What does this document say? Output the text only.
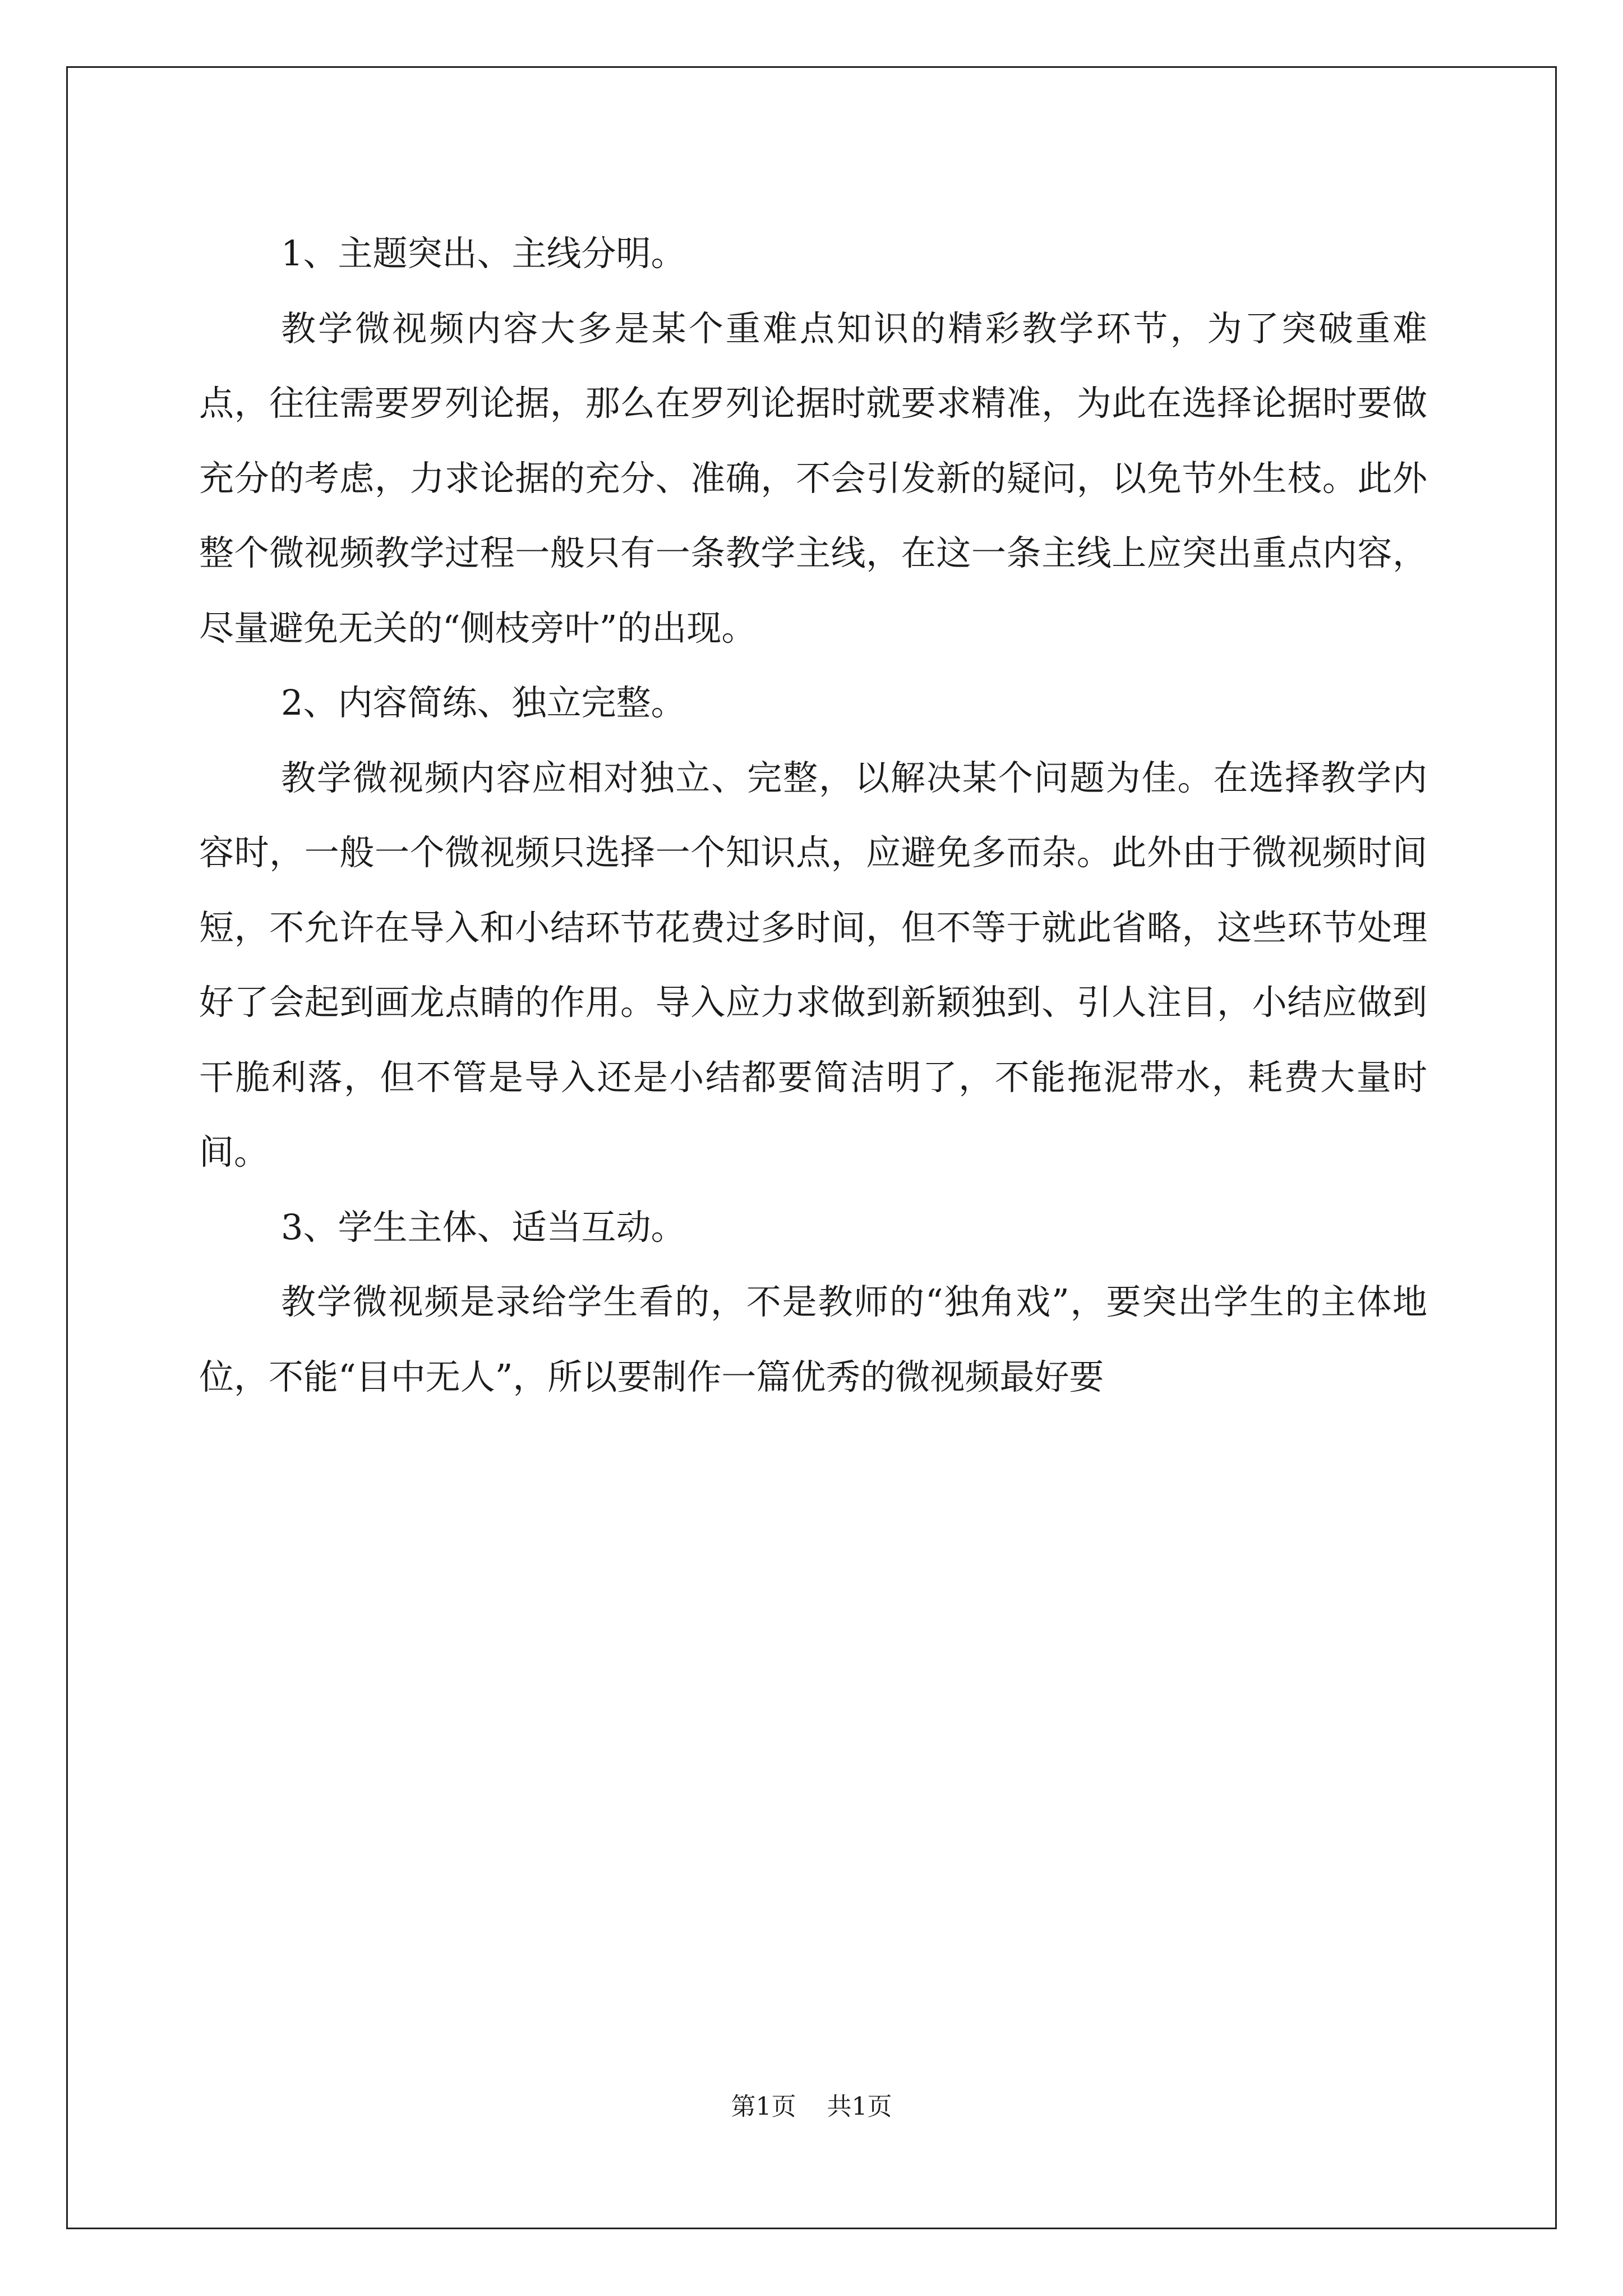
1、主题突出、主线分明。

教学微视频内容大多是某个重难点知识的精彩教学环节，为了突破重难点，往往需要罗列论据，那么在罗列论据时就要求精准，为此在选择论据时要做充分的考虑，力求论据的充分、准确，不会引发新的疑问，以免节外生枝。此外整个微视频教学过程一般只有一条教学主线，在这一条主线上应突出重点内容，尽量避免无关的“侧枝旁叶”的出现。

2、内容简练、独立完整。

教学微视频内容应相对独立、完整，以解决某个问题为佳。在选择教学内容时，一般一个微视频只选择一个知识点，应避免多而杂。此外由于微视频时间短，不允许在导入和小结环节花费过多时间，但不等于就此省略，这些环节处理好了会起到画龙点睛的作用。导入应力求做到新颖独到、引人注目，小结应做到干脆利落，但不管是导入还是小结都要简洁明了，不能拖泥带水，耗费大量时间。

3、学生主体、适当互动。

教学微视频是录给学生看的，不是教师的“独角戏”，要突出学生的主体地位，不能“目中无人”，所以要制作一篇优秀的微视频最好要

第1页 共1页
